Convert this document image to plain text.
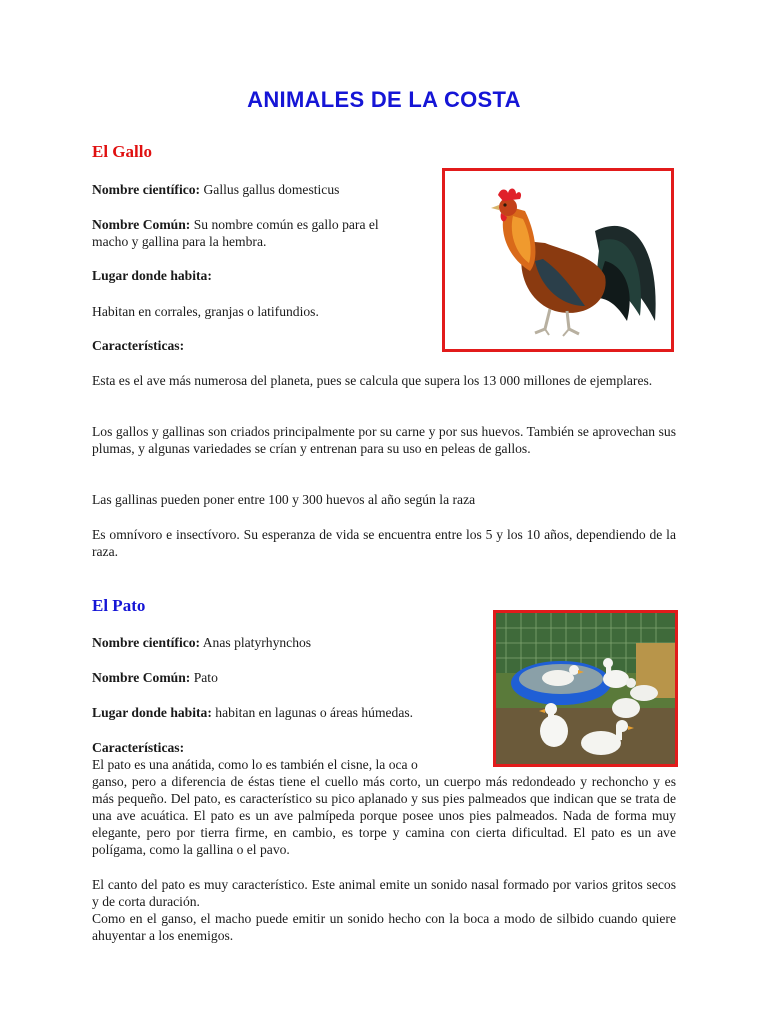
ANIMALES DE LA COSTA
El Gallo

Nombre científico: Gallus gallus domesticus

Nombre Común: Su nombre común es gallo para el
macho y gallina para la hembra.

Lugar donde habita:

Habitan en corrales, granjas o latifundios.

Características:

Esta es el ave más numerosa del planeta, pues se calcula que supera los 13 000 millones de ejemplares.

Los gallos y gallinas son criados principalmente por su carne y por sus huevos. También se aprovechan sus plumas, y algunas variedades se crían y entrenan para su uso en peleas de gallos.

Las gallinas pueden poner entre 100 y 300 huevos al año según la raza

Es omnívoro e insectívoro. Su esperanza de vida se encuentra entre los 5 y los 10 años, dependiendo de la raza.

El Pato

Nombre científico: Anas platyrhynchos

Nombre Común: Pato

Lugar donde habita: habitan en lagunas o áreas húmedas.

Características:

El pato es una anátida, como lo es también el cisne, la oca o

ganso, pero a diferencia de éstas tiene el cuello más corto, un cuerpo más redondeado y rechoncho y es más pequeño. Del pato, es característico su pico aplanado y sus pies palmeados que indican que se trata de una ave acuática. El pato es un ave palmípeda porque posee unos pies palmeados. Nada de forma muy elegante, pero por tierra firme, en cambio, es torpe y camina con cierta dificultad. El pato es un ave polígama, como la gallina o el pavo.

El canto del pato es muy característico. Este animal emite un sonido nasal formado por varios gritos secos y de corta duración.

Como en el ganso, el macho puede emitir un sonido hecho con la boca a modo de silbido cuando quiere ahuyentar a los enemigos.
